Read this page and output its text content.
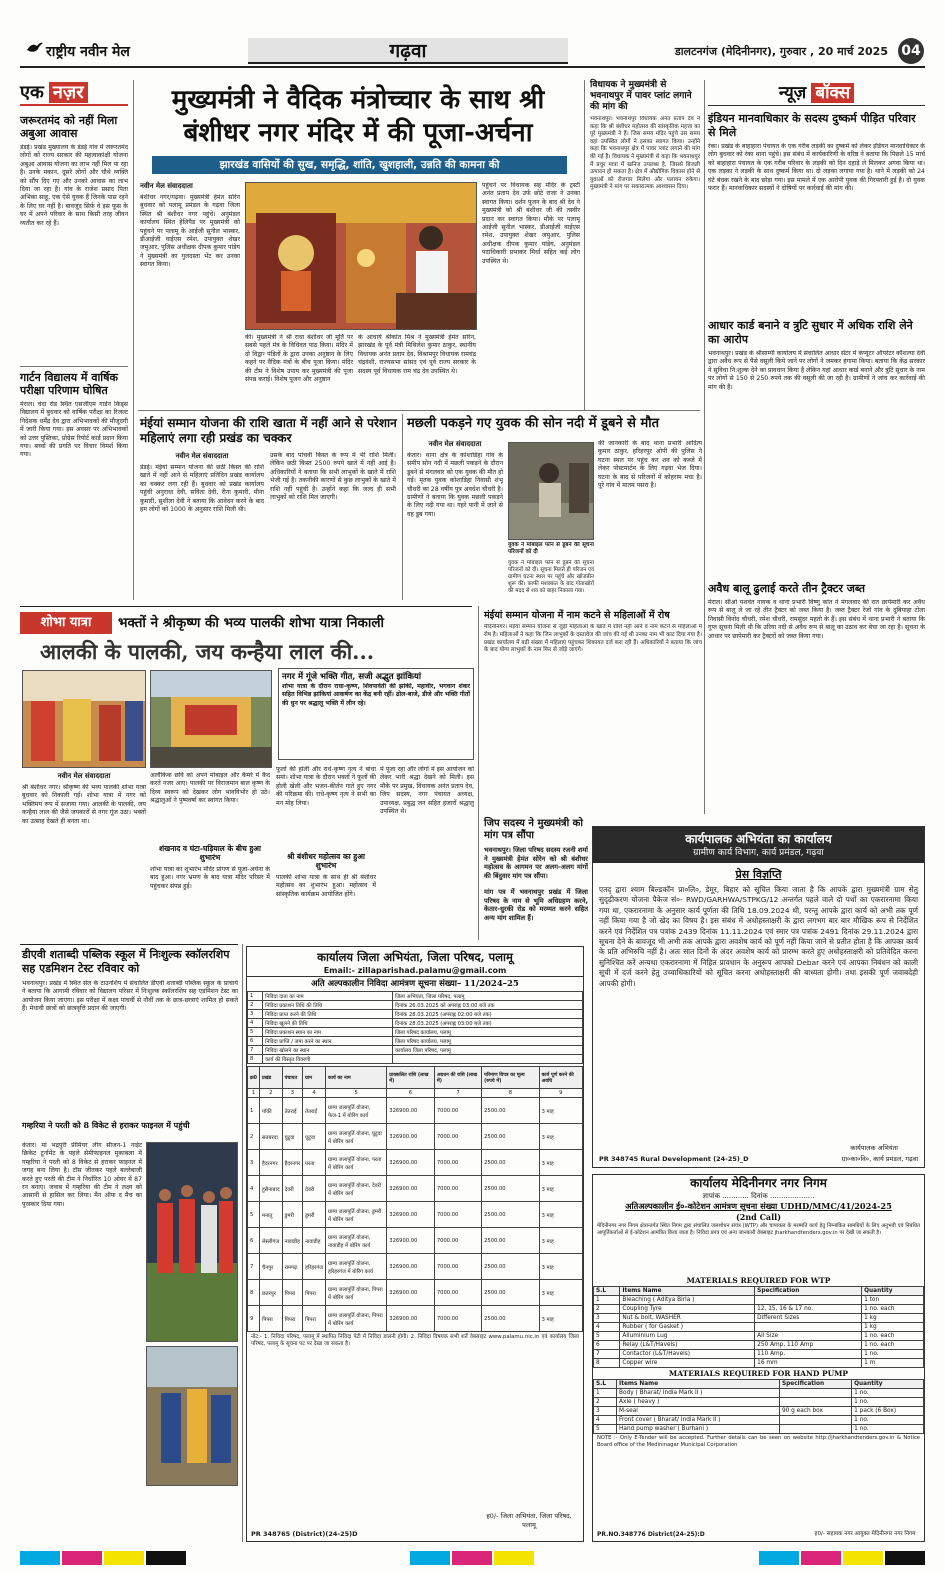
राष्ट्रीय नवीन मेल	गढ़वा	डालटनगंज (मेदिनीनगर), गुरुवार , 20 मार्च 2025 04
एक नज़र
जरूरतमंद को नहीं मिला अबुआ आवास
डंडई। प्रखंड मुख्यालय के डंडई गांव में जरूरतमंद लोगों को राज्य सरकार की महत्वाकांक्षी योजना अबुआ आवास योजना का लाभ नहीं मिल पा रहा है। उनके मकान, दूसरे लोगों और चौथे व्यक्ति को सौंप दिए गए और उनको आवास का लाभ दिया जा रहा है। गांव के राजेश प्रसाद पिता अभिका साहू, एक ऐसे युवक हैं जिनके पास रहने के लिए घर नहीं है। बावजूद सिर्फ़ वे इस फूस के घर में अपने परिवार के साथ किसी तरह जीवन व्यतीत कर रहे हैं।
गार्टन विद्यालय में वार्षिक परीक्षा परिणाम घोषित
मेराल। चंदा रोड स्थित एसजीएम गार्डन किड्स विद्यालय में बुधवार को वार्षिक परीक्षा का रिजल्ट निदेशक धर्मेंद्र देव द्वारा अभिभावकों की मौजूदगी में जारी किया गया। इस अवसर पर अभिभावकों को उत्तर पुस्तिका, प्रोग्रेस रिपोर्ट कार्ड प्रदान किया गया। बच्चों की प्रगति पर विचार विमर्श किया गया।
मुख्यमंत्री ने वैदिक मंत्रोच्चार के साथ श्री बंशीधर नगर मंदिर में की पूजा-अर्चना
झारखंड वासियों की सुख, समृद्धि, शांति, खुशहाली, उन्नति की कामना की
नवीन मेल संवाददाता
बंशीधर नगर/गढ़वा। मुख्यमंत्री हेमंत सोरेन बुधवार को पलामू प्रमंडल के गढ़वा जिला स्थित श्री बंशीधर नगर पहुंचे। अनुमंडल कार्यालय स्थित हेलिपैड पर मुख्यमंत्री को पहुंचने पर पलामू के आईजी सुनील भास्कर, डीआईजी वाईएस रमेश, उपायुक्त शेखर जमुआर, पुलिस अधीक्षक दीपक कुमार पांडेय ने मुख्यमंत्री का गुलदस्ता भेंट कर उनका स्वागत किया।
की। मुख्यमंत्री ने श्री राधा बंशीधर जी मूर्ति पर सबसे पहले मंत्र के विधिवत पाठ किया। मंदिर में दो विद्वान्‍ पंडितों के द्वारा उनका अनुष्ठान के लिए कहने पर वैदिक मंत्रों के बीच पूजा किया। मंदिर की टीम ने विशेष उपाय कर मुख्यमंत्री की पूजा संपन्न कराई। विशेष पूजन और अनुष्ठान
के आचार्य श्रीकांत मिश्र ने मुख्यमंत्री हेमंत सोरेन, झारखंड के पूर्व मंत्री मिथिलेश कुमार ठाकुर, स्थानीय विधायक अनंत प्रताप देव, विश्रामपुर विधायक रामचंद्र चंद्रवंशी, राज्यसभा सांसद एवं पूर्व राज्य सरकार के सदस्य पूर्व विधायक राम चंद्र देव उपस्थित थे।
पहुंचने पर विधायक सह मंदिर के ट्रस्टी अनंत प्रताप देव उर्फ छोटे राजा ने उनका स्वागत किया। दर्शन पूजन के बाद श्री देव ने मुख्यमंत्री को श्री बंशीधर जी की तस्वीर प्रदान कर स्वागत किया। मौके पर पलामू आईजी सुनील भास्कर, डीआईजी वाईएस रमेश, उपायुक्त शेखर जमुआर, पुलिस अधीक्षक दीपक कुमार पांडेय, अनुमंडल पदाधिकारी प्रभाकर मिर्धा सहित कई लोग उपस्थित थे।
विधायक ने मुख्यमंत्री से भवनाथपुर में पावर प्लांट लगाने की मांग की
भवनाथपुर। भवनाथपुर विधायक अनंत प्रताप देव ने कहा कि श्री बंशीधर महोत्सव की सांस्कृतिक महत्ता का पूरे मुख्यमंत्री ने हैं। जिस समय मंदिर पहुंचे उस समय वहां उपस्थित लोगों ने इसका स्वागत किया। उन्होंने कहा कि भवनाथपुर क्षेत्र में पावर प्लांट लगाने की मांग की गई है। विधायक ने मुख्यमंत्री से कहा कि भवनाथपुर में प्रचुर मात्रा में खनिज उपलब्ध है, जिससे बिजली उत्पादन हो सकता है। क्षेत्र में औद्योगिक विकास होने से युवाओं को रोजगार मिलेगा और पलायन रुकेगा। मुख्यमंत्री ने मांग पर सकारात्मक आश्वासन दिया।
न्यूज़ बॉक्स
इंडियन मानवाधिकार के सदस्य दुष्कर्म पीड़ित परिवार से मिले
रंका। प्रखंड के बाहाहारा पंचायत के एक गरीब लड़की का दुष्कर्म को लेकर इंडियन मानवाधिकार के लोग बुधवार को रंका थाना पहुंचे। इस संबंध में कार्यकारिणी के वरिष्ठ ने बताया कि पिछले 15 मार्च को बाहाहारा पंचायत के एक गरीब परिवार के लड़की को दिन दहाड़े ले मिलकर अगवा किया था। एक लड़का ने लड़की के साथ दुष्कर्म किया था। दो लड़का लगाया गया है। थाने में लड़की को 24 घंटे बंधक रखने के बाद छोड़ा गया। इस मामले में एक आरोपी युवक की गिरफ्तारी हुई है। दो युवक फरार हैं। मानवाधिकार सदस्यों ने दोषियों पर कार्रवाई की मांग की।
आधार कार्ड बनाने व त्रुटि सुधार में अधिक राशि लेने का आरोप
भवनाथपुर। प्रखंड के श्रीसाम्यी कार्यालय में संचालित आधार सेंटर में कंप्यूटर ऑपरेटर कौशल्या देवी द्वारा अवैध रूप से पैसे वसूली किये जाने पर लोगों ने जमकर हंगामा किया। बताया कि केंद्र सरकार ने सुविधा नि:शुल्क देने का प्रावधान किया है लेकिन यहां आधार कार्ड बनाने और त्रुटि सुधार के नाम पर लोगों से 150 से 250 रुपये तक की वसूली की जा रही है। ग्रामीणों ने जांच कर कार्रवाई की मांग की है।
अवैध बालू ढुलाई करते तीन ट्रैक्टर जब्त
मेराल। सीओ यशवंत नायक व थाना प्रभारी विष्णु कांत ने मंगलवार की रात छापेमारी कर अवैध रूप से बालू ले जा रहे तीन ट्रैक्टर को जब्त किया है। जब्त ट्रैक्टर रेजो गांव के दुबियाहा टोला निवासी विनोद चौधरी, रमेश चौधरी, रामसुंदर महतो के हैं। इस संबंध में थाना प्रभारी ने बताया कि गुप्त सूचना मिली थी कि उरिया नदी से अवैध रूप से बालू का उठाव कर बेचा जा रहा है। सूचना के आधार पर छापेमारी कर ट्रैक्टरों को जब्त किया गया।
मंईयां सम्मान योजना की राशि खाता में नहीं आने से परेशान महिलाएं लगा रही प्रखंड का चक्कर
नवीन मेल संवाददाता
डंडई। मंईयां सम्मान योजना की छठी किस्त की राशि खाते में नहीं आने से महिलाएं प्रतिदिन प्रखंड कार्यालय का चक्कर लगा रही हैं। बुधवार को प्रखंड कार्यालय पहुंची अनुराधा देवी, सविता देवी, रीना कुमारी, मीना कुमारी, सुशीला देवी ने बताया कि आवेदन करने के बाद हम लोगों को 1000 के अनुसार राशि मिली थी।
उसके बाद पांचवीं किस्त के रूप में भी राशि मिली। लेकिन छठी किस्त 2500 रुपये खाते में नहीं आई है। अधिकारियों ने बताया कि सभी लाभुकों के खाते में राशि भेजी गई है। तकनीकी कारणों से कुछ लाभुकों के खाते में राशि नहीं पहुंची है। उन्होंने कहा कि जल्द ही सभी लाभुकों को राशि मिल जाएगी।
मछली पकड़ने गए युवक की सोन नदी में डूबने से मौत
नवीन मेल संवाददाता
केतार। थाना क्षेत्र के कोशाडिहा गांव के समीप सोन नदी में मछली पकड़ने के दौरान डूबने से मंगलवार को एक युवक की मौत हो गई। मृतक युवक कोशाडिहा निवासी शंभू चौधरी का 28 वर्षीय पुत्र अवधेश चौधरी है। ग्रामीणों ने बताया कि युवक मछली पकड़ने के लिए नदी गया था। गहरे पानी में जाने से वह डूब गया।
युवक ने मोबाइल फोन से डूबने की सूचना परिजनों को दी
युवक ने मोबाइल फोन से डूबने की सूचना परिजनों को दी। सूचना मिलते ही परिजन एवं ग्रामीण घटना स्थल पर पहुंचे और खोजबीन शुरू की। काफी मशक्कत के बाद गोताखोरों की मदद से शव को बाहर निकाला गया।
की जानकारी के बाद थाना प्रभारी आदित्य कुमार ठाकुर, हरिहरपुर ओपी की पुलिस ने घटना स्थल पर पहुंच कर शव को कब्जे में लेकर पोस्टमार्टम के लिए गढ़वा भेज दिया। घटना के बाद से परिजनों में कोहराम मचा है। पूरे गांव में मातम पसरा है।
शोभा यात्रा	भक्तों ने श्रीकृष्ण की भव्य पालकी शोभा यात्रा निकाली
आलकी के पालकी, जय कन्हैया लाल की...
नगर में गूंजे भक्ति गीत, सजी अद्भुत झांकियां
शोभा यात्रा के दौरान राधा-कृष्ण, शिवपार्वती की झांकी, महावीर, भगवान शंकर सहित विभिन्न झांकियां आकर्षण का केंद्र बनी रहीं। ढोल-बाजे, डीजे और भक्ति गीतों की धुन पर श्रद्धालु भक्ति में लीन रहे।
नवीन मेल संवाददाता
श्री बंशीधर नगर। श्रीकृष्ण की भव्य पालकी शोभा यात्रा बुधवार को निकाली गई। शोभा यात्रा में नगर को भक्तिमय रूप में सजाया गया। आलकी के पालकी, जय कन्हैया लाल की जैसे जयकारों से नगर गूंज उठा। भक्तों का उत्साह देखते ही बनता था।
अलौकिक छवि को अपने मोबाइल और कैमरे में कैद करते नजर आए। पालकी पर विराजमान बाल कृष्ण के दिव्य स्वरूप को देखकर लोग भावविभोर हो उठे। श्रद्धालुओं ने पुष्पवर्षा कर स्वागत किया।
शंखनाद व घंटा-घड़ियाल के बीच हुआ शुभारंभ
शोभा यात्रा का शुभारंभ मंदिर प्रांगण से पूजा-अर्चना के बाद हुआ। नगर भ्रमण के बाद यात्रा मंदिर परिसर में पहुंचकर संपन्न हुई।
फूलों की होली और राधे-कृष्ण नृत्य ने बांधा समां। शोभा यात्रा के दौरान भक्तों ने फूलों की होली खेली और भजन-कीर्तन गाते हुए नगर की परिक्रमा की। राधे-कृष्ण नृत्य ने सभी का मन मोह लिया।
श्री बंशीधर महोत्सव का हुआ शुभारंभ
पालकी शोभा यात्रा के साथ ही श्री बंशीधर महोत्सव का शुभारंभ हुआ। महोत्सव में सांस्कृतिक कार्यक्रम आयोजित होंगे।
में पूजा रहा और लोगों में इस आयोजन को लेकर भारी श्रद्धा देखने को मिली। इस मौके पर प्रमुख, विधायक अनंत प्रताप देव, जिप सदस्य, नगर पंचायत अध्यक्ष, उपाध्यक्ष, प्रबुद्ध जन सहित हजारों श्रद्धालु उपस्थित थे।
मंईयां सम्मान योजना में नाम कटने से महिलाओं में रोष
मेदिनीनगर। मंईयां सम्मान योजना से जुड़ी महिलाओं के खाते में राशि नहीं आने व नाम कटने से महिलाओं में रोष है। महिलाओं ने कहा कि जिन लाभुकों के दस्तावेज की जांच की गई थी उनका नाम भी काट दिया गया है। प्रखंड कार्यालय में बड़ी संख्या में महिलाएं पहुंचकर शिकायत दर्ज करा रही हैं। अधिकारियों ने बताया कि जांच के बाद योग्य लाभुकों के नाम फिर से जोड़े जाएंगे।
जिप सदस्य ने मुख्यमंत्री को मांग पत्र सौंपा
भवनाथपुर। जिला परिषद सदस्य रजनी शर्मा ने मुख्यमंत्री हेमंत सोरेन को श्री बंशीधर महोत्सव के आगमन पर अलग-अलग मांगों की बिंदुवार मांग पत्र सौंपा।
मांग पत्र में भवनाथपुर प्रखंड में जिला परिषद के नाम से भूमि अधिग्रहण करने, केतार-धुरकी रोड को मरम्मत करने सहित अन्य मांग शामिल हैं।
कार्यपालक अभियंता का कार्यालय
ग्रामीण कार्य विभाग, कार्य प्रमंडल, गढ़वा
प्रेस विज्ञप्ति
एतद् द्वारा श्याम बिल्डकॉन प्रा०लि०, डेमूर, बिहार को सूचित किया जाता है कि आपके द्वारा मुख्यमंत्री ग्राम सेतु सुदृढ़ीकरण योजना पैकेज सं०- RWD/GARHWA/STPKG/12 अन्तर्गत पहले वाले दो पथों का एकरारनामा किया गया था, एकरारनामा के अनुसार कार्य पूर्णता की तिथि 18.09.2024 थी, परन्तु आपके द्वारा कार्य को अभी तक पूर्ण नहीं किया गया है जो खेद का विषय है। इस संबंध में अधोहस्ताक्षरी के द्वारा लगभग बार बार मौखिक रूप से निर्देशित करने एवं निर्देशित पत्र पत्रांक 2439 दिनांक 11.11.2024 एवं स्मार पत्र पत्रांक 2491 दिनांक 29.11.2024 द्वारा सूचना देने के बावजूद भी अभी तक आपके द्वारा अवशेष कार्य को पूर्ण नहीं किया जाने से प्रतीत होता है कि आपका कार्य के प्रति अभिरुचि नहीं है। अतः सात दिनों के अंदर अवशेष कार्य को प्रारम्भ करते हुए अधोहस्ताक्षरी को प्रतिवेदित करना सुनिश्चित करें अन्यथा एकरारनामा में निहित प्रावधान के अनुरूप आपको Debar करने एवं आपका निबंधन को काली सूची में दर्ज करने हेतु उच्चाधिकारियों को सूचित करना अधोहस्ताक्षरी की बाध्यता होगी। तथा इसकी पूर्ण जवाबदेही आपकी होगी।
PR 348745 Rural Development (24-25)_D
कार्यपालक अभियंता
ग्रा०का०वि०, कार्य प्रमंडल, गढ़वा
डीएवी शताब्दी पब्लिक स्कूल में निःशुल्क स्कॉलरशिप सह एडमिशन टेस्ट रविवार को
भवनाथपुर। प्रखंड में स्थित सेल के टाउनशिप में संचालित डीएवी शताब्दी पब्लिक स्कूल के प्राचार्य ने बताया कि आगामी रविवार को विद्यालय परिसर में निःशुल्क स्कॉलरशिप सह एडमिशन टेस्ट का आयोजन किया जाएगा। इस परीक्षा में कक्षा पांचवीं से नौवीं तक के छात्र-छात्राएं शामिल हो सकते हैं। मेधावी छात्रों को छात्रवृत्ति प्रदान की जाएगी।
गम्हरिया ने परती को 8 विकेट से हराकर फाइनल में पहुंची
केतार। मां भद्रपुरी प्रीमियर लीग सीजन-1 नाईट क्रिकेट टूर्नामेंट के पहले सेमीफाइनल मुकाबला में गम्हरिया ने परती को 8 विकेट से हराकर फाइनल में जगह बना लिया है। टॉस जीतकर पहले बल्लेबाजी करते हुए परती की टीम ने निर्धारित 10 ओवर में 87 रन बनाए। जवाब में गम्हरिया की टीम ने लक्ष्य को आसानी से हासिल कर लिया। मैन ऑफ द मैच का पुरस्कार दिया गया।
कार्यालय जिला अभियंता, जिला परिषद, पलामू
Email:- zillaparishad.palamu@gmail.com
अति अल्पकालीन निविदा आमंत्रण सूचना संख्या– 11/2024–25
1	निविदा दाता का नाम	जिला अभियंता, जिला परिषद, पलामू
2	निविदा प्रकाशन तिथि की तिथि	दिनांक 26.03.2025 को अपराह्न 03:00 बजे तक
3	निविदा प्राप्त करने की तिथि	दिनांक 28.03.2025 (अपराह्न 02:00 बजे तक)
4	निविदा खुलने की तिथि	दिनांक 28.03.2025 (अपराह्न 03:00 बजे तक)
5	निविदा प्रकाशन स्थान का नाम	जिला परिषद कार्यालय, पलामू
6	निविदा प्राप्ति / जमा करने का स्थान	जिला परिषद कार्यालय, पलामू
7	निविदा खोलने का स्थान	कार्यालय जिला परिषद, पलामू
8	कार्य की विस्तृत विवरणी	
क्र0	प्रखंड	पंचायत	ग्राम	कार्य का नाम	प्राक्कलित राशि (लाख में)	अग्रधन की राशि (लाख में)	परिमाण विपत्र का मूल्य (रुपये में)	कार्य पूर्ण करने की अवधि
1	2	3	4	5	6	7	8	9
1	पाँकी	तेतराईं	तेतराईं	ग्राम्य जलापूर्ति योजना, फेज-1 में बोरिंग कार्य	326900.00	7000.00	2500.00	3 माह
2	सतबरवा	घुटुवा	घुटुवा	ग्राम्य जलापूर्ति योजना, घुटुवा में बोरिंग कार्य	326900.00	7000.00	2500.00	3 माह
3	हैदरनगर	हैदरनगर	परता	ग्राम्य जलापूर्ति योजना, परता में बोरिंग कार्य	326900.00	7000.00	2500.00	3 माह
4	हुसैनाबाद	देवरी	देवरी	ग्राम्य जलापूर्ति योजना, देवरी में बोरिंग कार्य	326900.00	7000.00	2500.00	3 माह
5	मनातू	डुमरी	डुमरी	ग्राम्य जलापूर्ति योजना, डुमरी में बोरिंग कार्य	326900.00	7000.00	2500.00	3 माह
6	लेस्लीगंज	नावाडीह	नावाडीह	ग्राम्य जलापूर्ति योजना, नावाडीह में बोरिंग कार्य	326900.00	7000.00	2500.00	3 माह
7	चैनपुर	रामगढ़	हरिहरगंज	ग्राम्य जलापूर्ति योजना, हरिहरगंज में बोरिंग कार्य	326900.00	7000.00	2500.00	3 माह
8	छतरपुर	पिपरा	पिपरा	ग्राम्य जलापूर्ति योजना, पिपरा में बोरिंग कार्य	326900.00	7000.00	2500.00	3 माह
9	पिपरा	पिपरा	पिपरा	ग्राम्य जलापूर्ति योजना, पिपरा में बोरिंग कार्य	326900.00	7000.00	2500.00	3 माह
नोट:- 1. निविदा परिषद, पलामू में स्थापित निविदा पेटी में निविदा डालनी होगी। 2. निविदा विषयक सभी शर्तें वेबसाइट www.palamu.nic.in एवं कार्यालय जिला परिषद, पलामू के सूचना पट पर देखा जा सकता है।
PR 348765 (District)(24-25)D
ह0/- जिला अभियंता, जिला परिषद, पलामू
कार्यालय मेदिनीनगर नगर निगम
ज्ञापांक ............ दिनांक ....................
अतिअल्पकालीन ई०-कोटेशन आमंत्रण सूचना संख्या UDHD/MMC/41/2024-25
(2nd Call)
मेदिनीनगर नगर निगम क्षेत्रान्तर्गत स्थित निगम द्वारा संचालित जलशोधन संयंत्र (WTP) और चापाकल के मरम्मति कार्य हेतु निम्नांकित सामग्रियों के लिए अनुभवी एवं निबंधित आपूर्तिकर्ताओं से ई-कोटेशन आमंत्रित किया जाता है। निविदा प्रपत्र एवं अन्य जानकारी वेबसाइट jharkhandtenders.gov.in पर देखी जा सकती है।
MATERIALS REQUIRED FOR WTP
S.L	Items Name	Specification	Quantity
1	Bleaching ( Aditya Birla )		1 ton
2	Coupling Tyre	12, 15, 16 & 17 no.	1 no. each
3	Nut & bolt, WASHER	Different Sizes	1 kg
4	Rubber ( for Gasket )		1 kg
5	Alluminium Lug	All Size	1 no. each
6	Relay (L&T/Havels)	250 Amp, 110 Amp	1 no. each
7	Contactor (L&T/Havels)	110 Amp.	1 no.
8	Copper wire	16 mm	1 m
MATERIALS REQUIRED FOR HAND PUMP
S.L	Items Name	Specification	Quantity
1	Body ( Bharat/ India Mark II )		1 no.
2	Axle ( heavy )		1 no.
3	M-seal	90 g each box	1 pack (6 Box)
4	Front cover ( Bharat/ India Mark II )		1 no.
5	Hand pump washer ( Burhani )		1 no.
NOTE :- Only E-Tender will be accepted. Further details can be seen on website http://jharkhandtenders.gov.in & Notice Board office of the Medininagar Municipal Corporation
PR.NO.348776 District(24-25):D	ह0/- सहायक नगर आयुक्त मेदिनीनगर नगर निगम
